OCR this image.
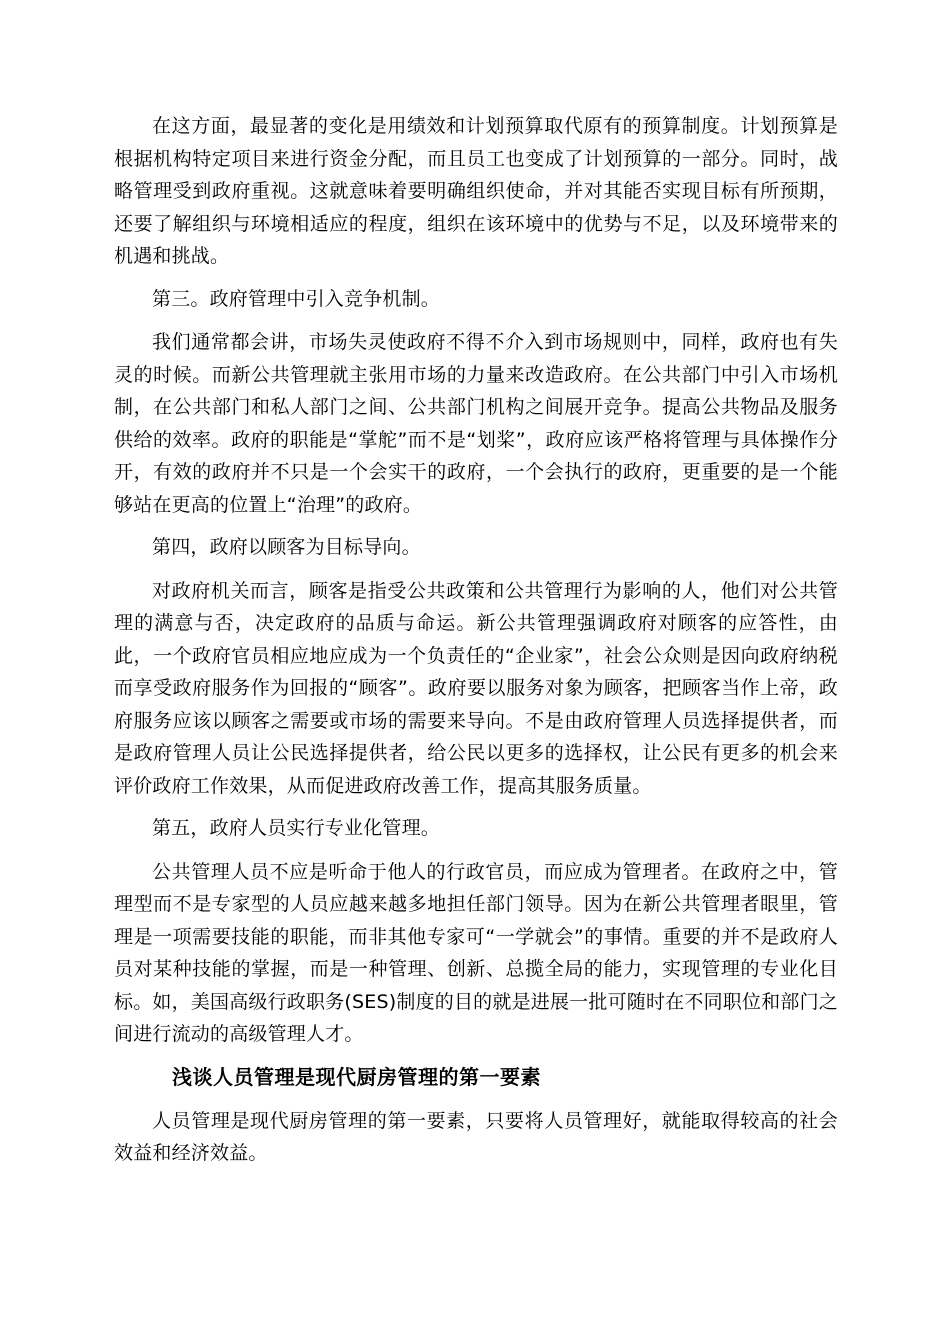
在这方面，最显著的变化是用绩效和计划预算取代原有的预算制度。计划预算是根据机构特定项目来进行资金分配，而且员工也变成了计划预算的一部分。同时，战略管理受到政府重视。这就意味着要明确组织使命，并对其能否实现目标有所预期，还要了解组织与环境相适应的程度，组织在该环境中的优势与不足，以及环境带来的机遇和挑战。

第三。政府管理中引入竞争机制。

我们通常都会讲，市场失灵使政府不得不介入到市场规则中，同样，政府也有失灵的时候。而新公共管理就主张用市场的力量来改造政府。在公共部门中引入市场机制，在公共部门和私人部门之间、公共部门机构之间展开竞争。提高公共物品及服务供给的效率。政府的职能是“掌舵”而不是“划桨”，政府应该严格将管理与具体操作分开，有效的政府并不只是一个会实干的政府，一个会执行的政府，更重要的是一个能够站在更高的位置上“治理”的政府。

第四，政府以顾客为目标导向。

对政府机关而言，顾客是指受公共政策和公共管理行为影响的人，他们对公共管理的满意与否，决定政府的品质与命运。新公共管理强调政府对顾客的应答性，由此，一个政府官员相应地应成为一个负责任的“企业家”，社会公众则是因向政府纳税而享受政府服务作为回报的“顾客”。政府要以服务对象为顾客，把顾客当作上帝，政府服务应该以顾客之需要或市场的需要来导向。不是由政府管理人员选择提供者，而是政府管理人员让公民选择提供者，给公民以更多的选择权，让公民有更多的机会来评价政府工作效果，从而促进政府改善工作，提高其服务质量。

第五，政府人员实行专业化管理。

公共管理人员不应是听命于他人的行政官员，而应成为管理者。在政府之中，管理型而不是专家型的人员应越来越多地担任部门领导。因为在新公共管理者眼里，管理是一项需要技能的职能，而非其他专家可“一学就会”的事情。重要的并不是政府人员对某种技能的掌握，而是一种管理、创新、总揽全局的能力，实现管理的专业化目标。如，美国高级行政职务(SES)制度的目的就是进展一批可随时在不同职位和部门之间进行流动的高级管理人才。

浅谈人员管理是现代厨房管理的第一要素

人员管理是现代厨房管理的第一要素，只要将人员管理好，就能取得较高的社会效益和经济效益。
